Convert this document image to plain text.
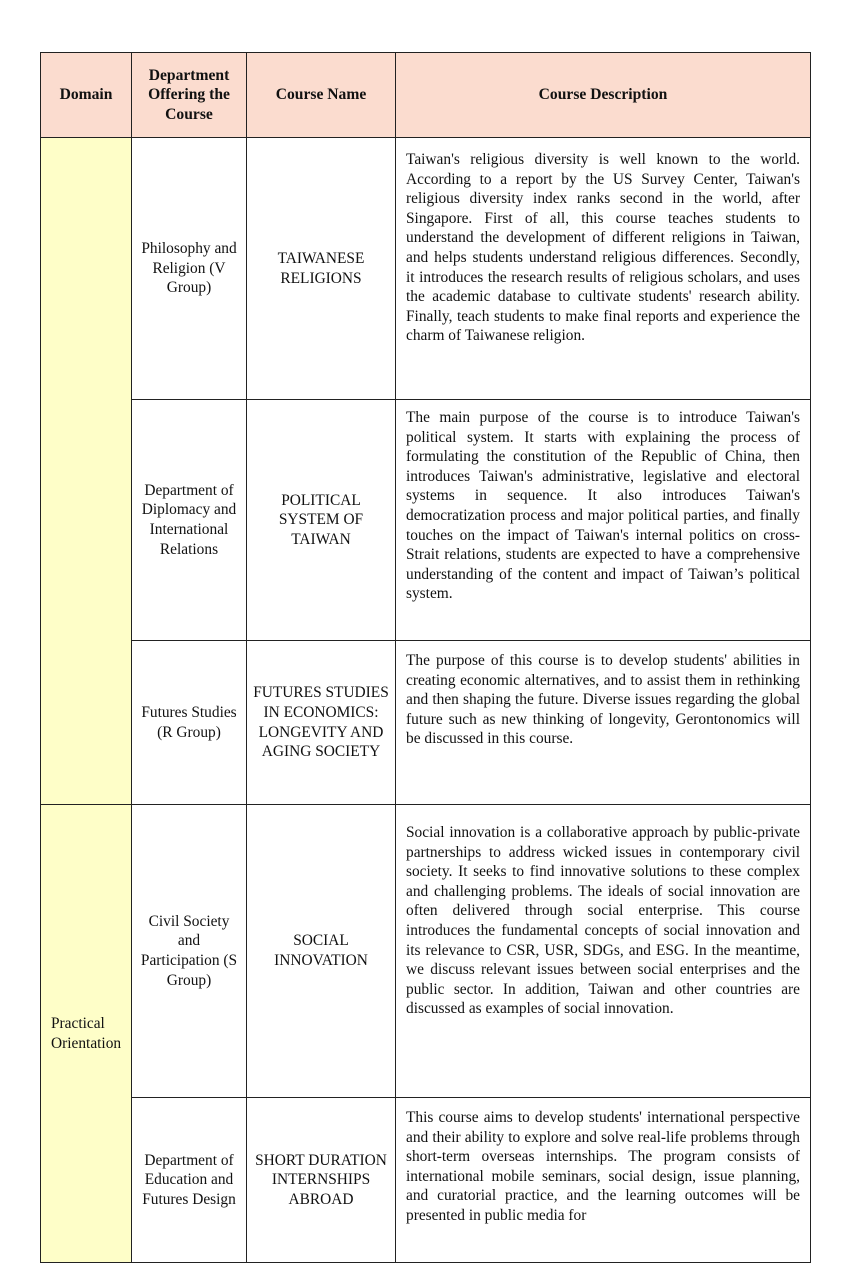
Domain	Department Offering the Course	Course Name	Course Description
	Philosophy and Religion (V Group)	TAIWANESE RELIGIONS	Taiwan's religious diversity is well known to the world. According to a report by the US Survey Center, Taiwan's religious diversity index ranks second in the world, after Singapore. First of all, this course teaches students to understand the development of different religions in Taiwan, and helps students understand religious differences. Secondly, it introduces the research results of religious scholars, and uses the academic database to cultivate students' research ability. Finally, teach students to make final reports and experience the charm of Taiwanese religion.
	Department of Diplomacy and International Relations	POLITICAL SYSTEM OF TAIWAN	The main purpose of the course is to introduce Taiwan's political system. It starts with explaining the process of formulating the constitution of the Republic of China, then introduces Taiwan's administrative, legislative and electoral systems in sequence. It also introduces Taiwan's democratization process and major political parties, and finally touches on the impact of Taiwan's internal politics on cross-Strait relations, students are expected to have a comprehensive understanding of the content and impact of Taiwan’s political system.
	Futures Studies (R Group)	FUTURES STUDIES IN ECONOMICS: LONGEVITY AND AGING SOCIETY	The purpose of this course is to develop students' abilities in creating economic alternatives, and to assist them in rethinking and then shaping the future. Diverse issues regarding the global future such as new thinking of longevity, Gerontonomics will be discussed in this course.
Practical Orientation	Civil Society and Participation (S Group)	SOCIAL INNOVATION	Social innovation is a collaborative approach by public-private partnerships to address wicked issues in contemporary civil society. It seeks to find innovative solutions to these complex and challenging problems. The ideals of social innovation are often delivered through social enterprise. This course introduces the fundamental concepts of social innovation and its relevance to CSR, USR, SDGs, and ESG. In the meantime, we discuss relevant issues between social enterprises and the public sector. In addition, Taiwan and other countries are discussed as examples of social innovation.
	Department of Education and Futures Design	SHORT DURATION INTERNSHIPS ABROAD	This course aims to develop students' international perspective and their ability to explore and solve real-life problems through short-term overseas internships. The program consists of international mobile seminars, social design, issue planning, and curatorial practice, and the learning outcomes will be presented in public media for
